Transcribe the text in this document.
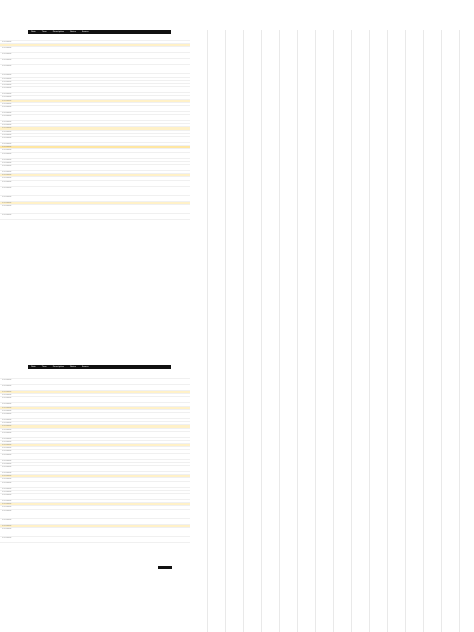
Date	Time	Description	Notes	Source
1/17/2019
1/17/2019
1/17/2019
1/17/2019
1/17/2019
1/17/2019
1/17/2019
1/17/2019
1/17/2019
1/17/2019
1/17/2019
1/17/2019
1/17/2019
1/17/2019
1/17/2019
1/17/2019
1/17/2019
1/17/2019
1/17/2019
1/17/2019
1/17/2019
1/17/2019
1/17/2019
1/17/2019
1/17/2019
1/17/2019
1/17/2019
1/17/2019
1/17/2019
1/17/2019
1/17/2019
1/17/2019
1/17/2019
1/17/2019
1/17/2019
1/17/2019
1/17/2019
1/17/2019
1/17/2019
Date	Time	Description	Notes	Source
1/17/2019
1/17/2019
1/17/2019
1/17/2019
1/17/2019
1/17/2019
1/17/2019
1/17/2019
1/17/2019
1/17/2019
1/17/2019
1/17/2019
1/17/2019
1/17/2019
1/17/2019
1/17/2019
1/17/2019
1/17/2019
1/17/2019
1/17/2019
1/17/2019
1/17/2019
1/17/2019
1/17/2019
1/17/2019
1/17/2019
1/17/2019
1/17/2019
1/17/2019
1/17/2019
1/17/2019
1/17/2019
1/17/2019
1/17/2019
1/17/2019
1/17/2019
1/17/2019
1/17/2019
